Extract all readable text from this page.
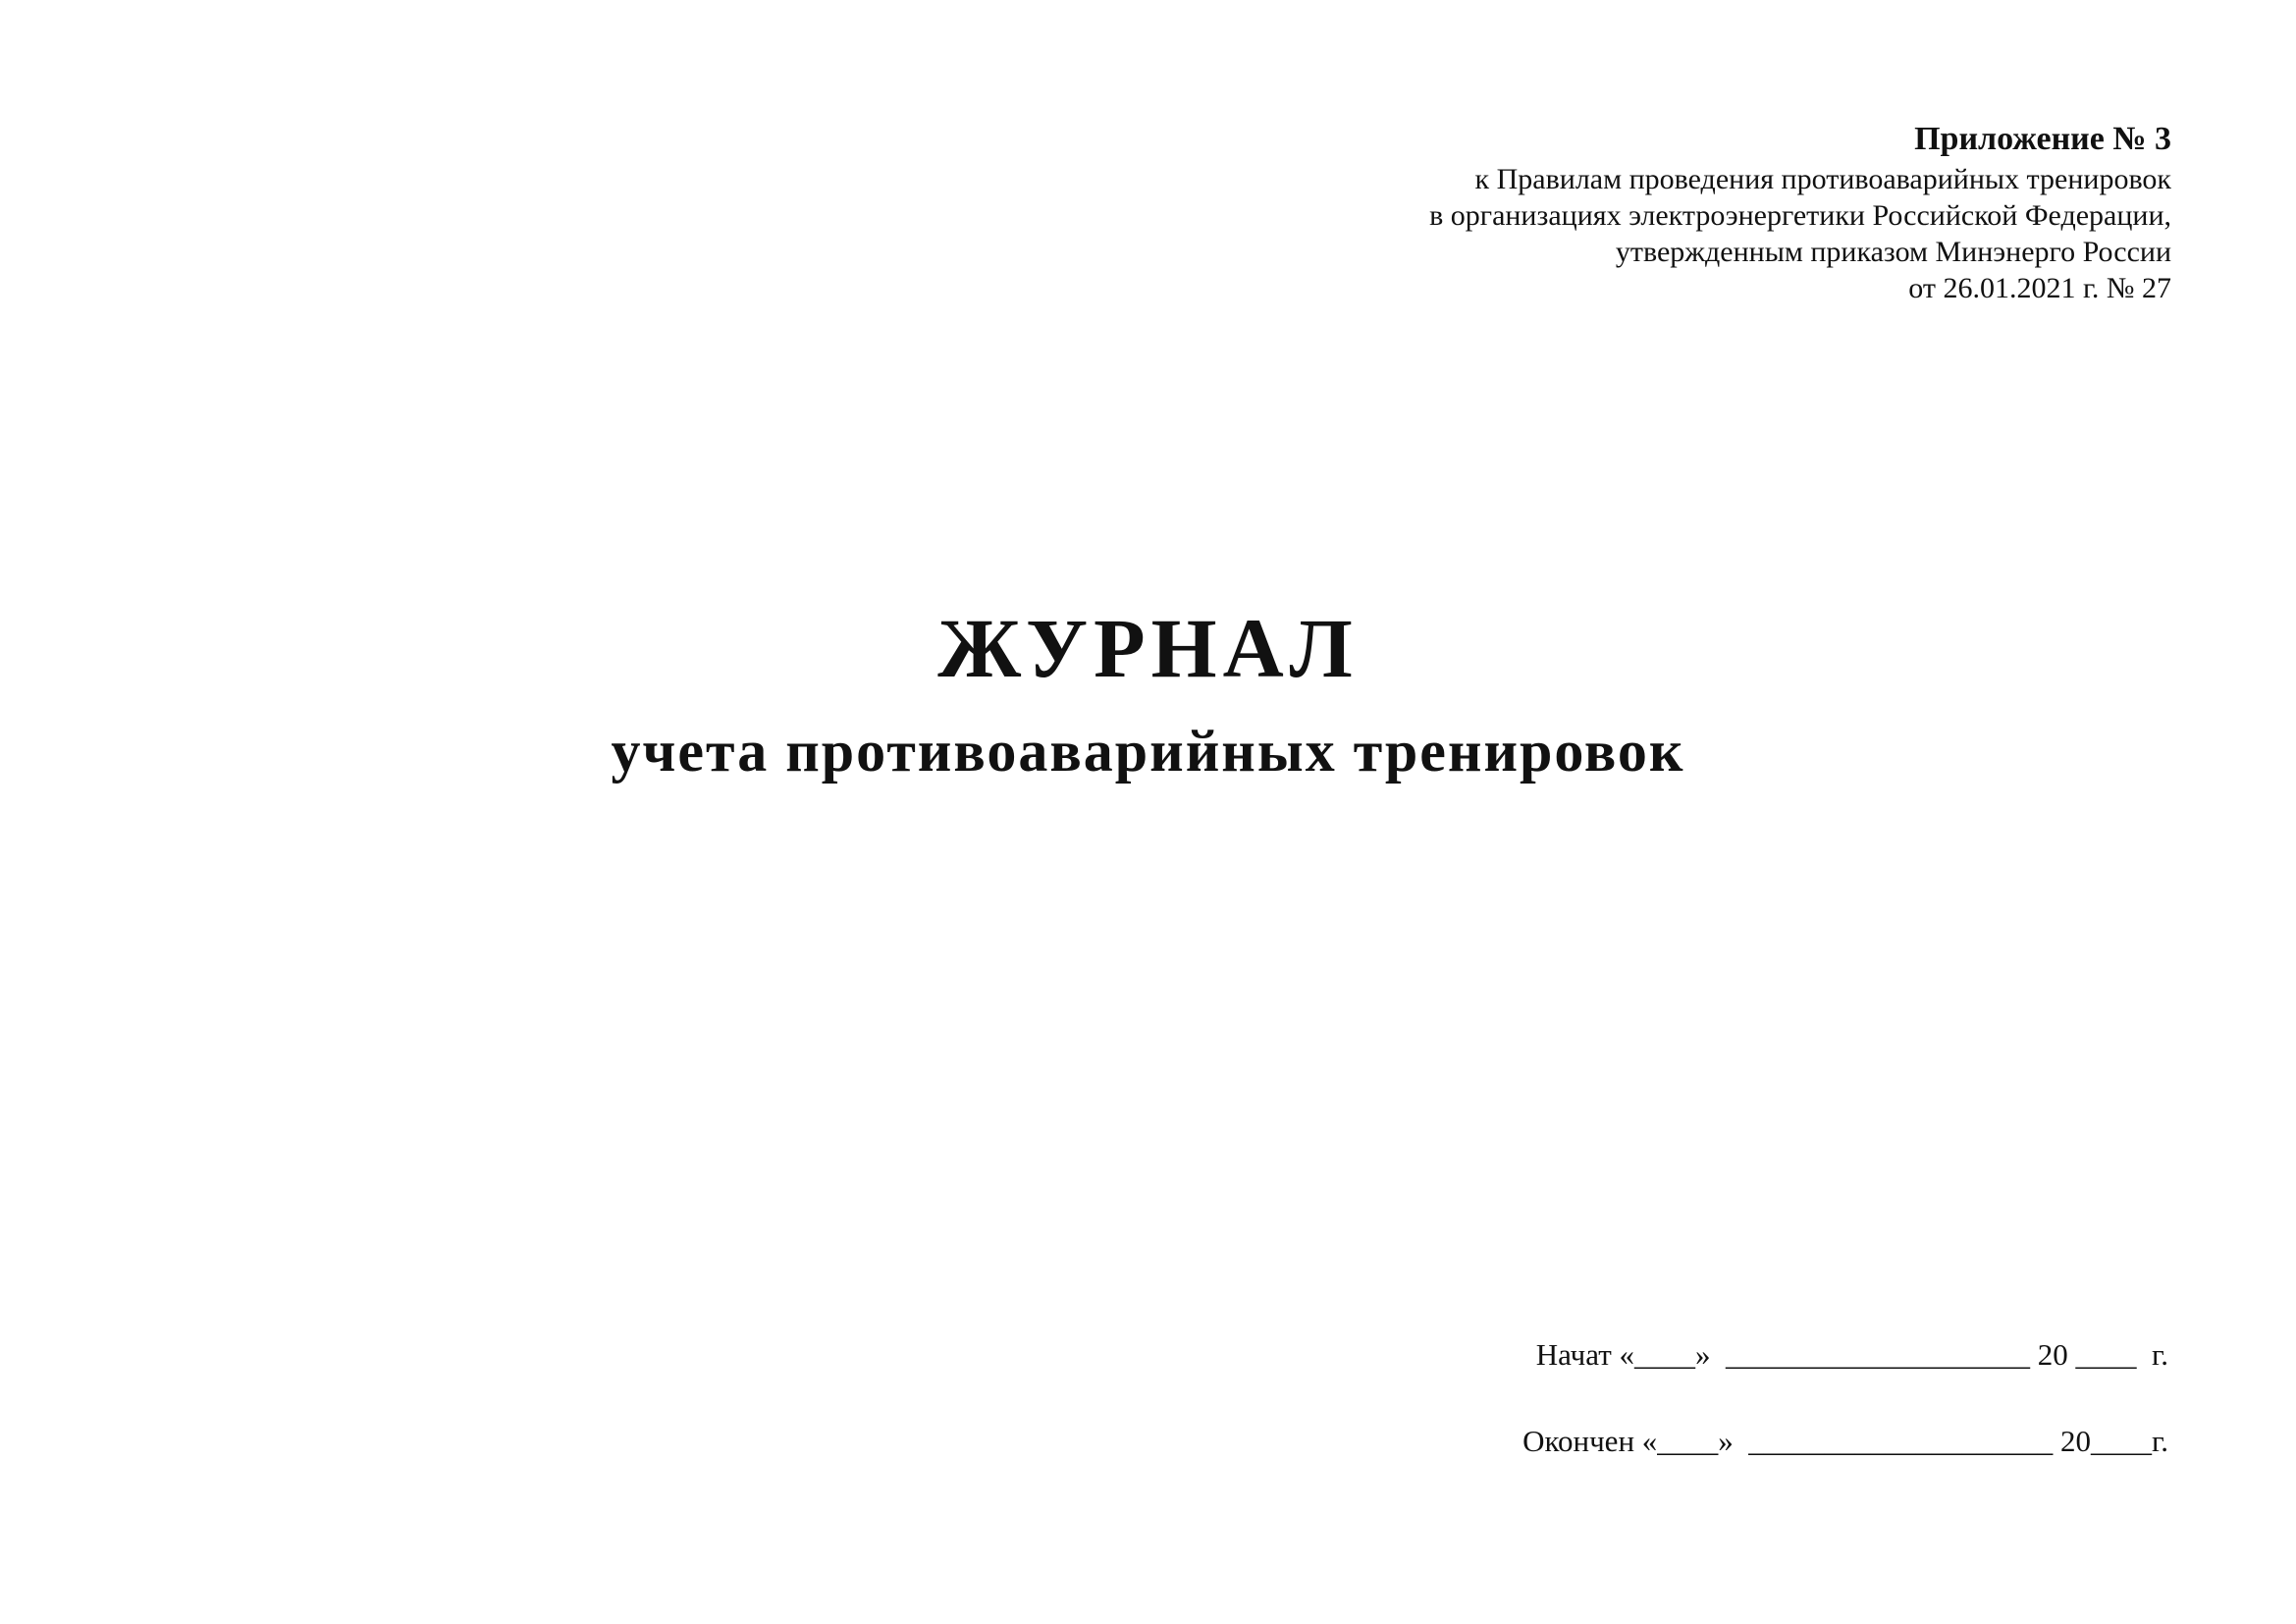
Приложение № 3
к Правилам проведения противоаварийных тренировок
в организациях электроэнергетики Российской Федерации,
утвержденным приказом Минэнерго России
от 26.01.2021 г. № 27
ЖУРНАЛ
учета противоаварийных тренировок
Начат «____»  ____________________ 20 ____  г.
Окончен «____»  ____________________ 20____г.
